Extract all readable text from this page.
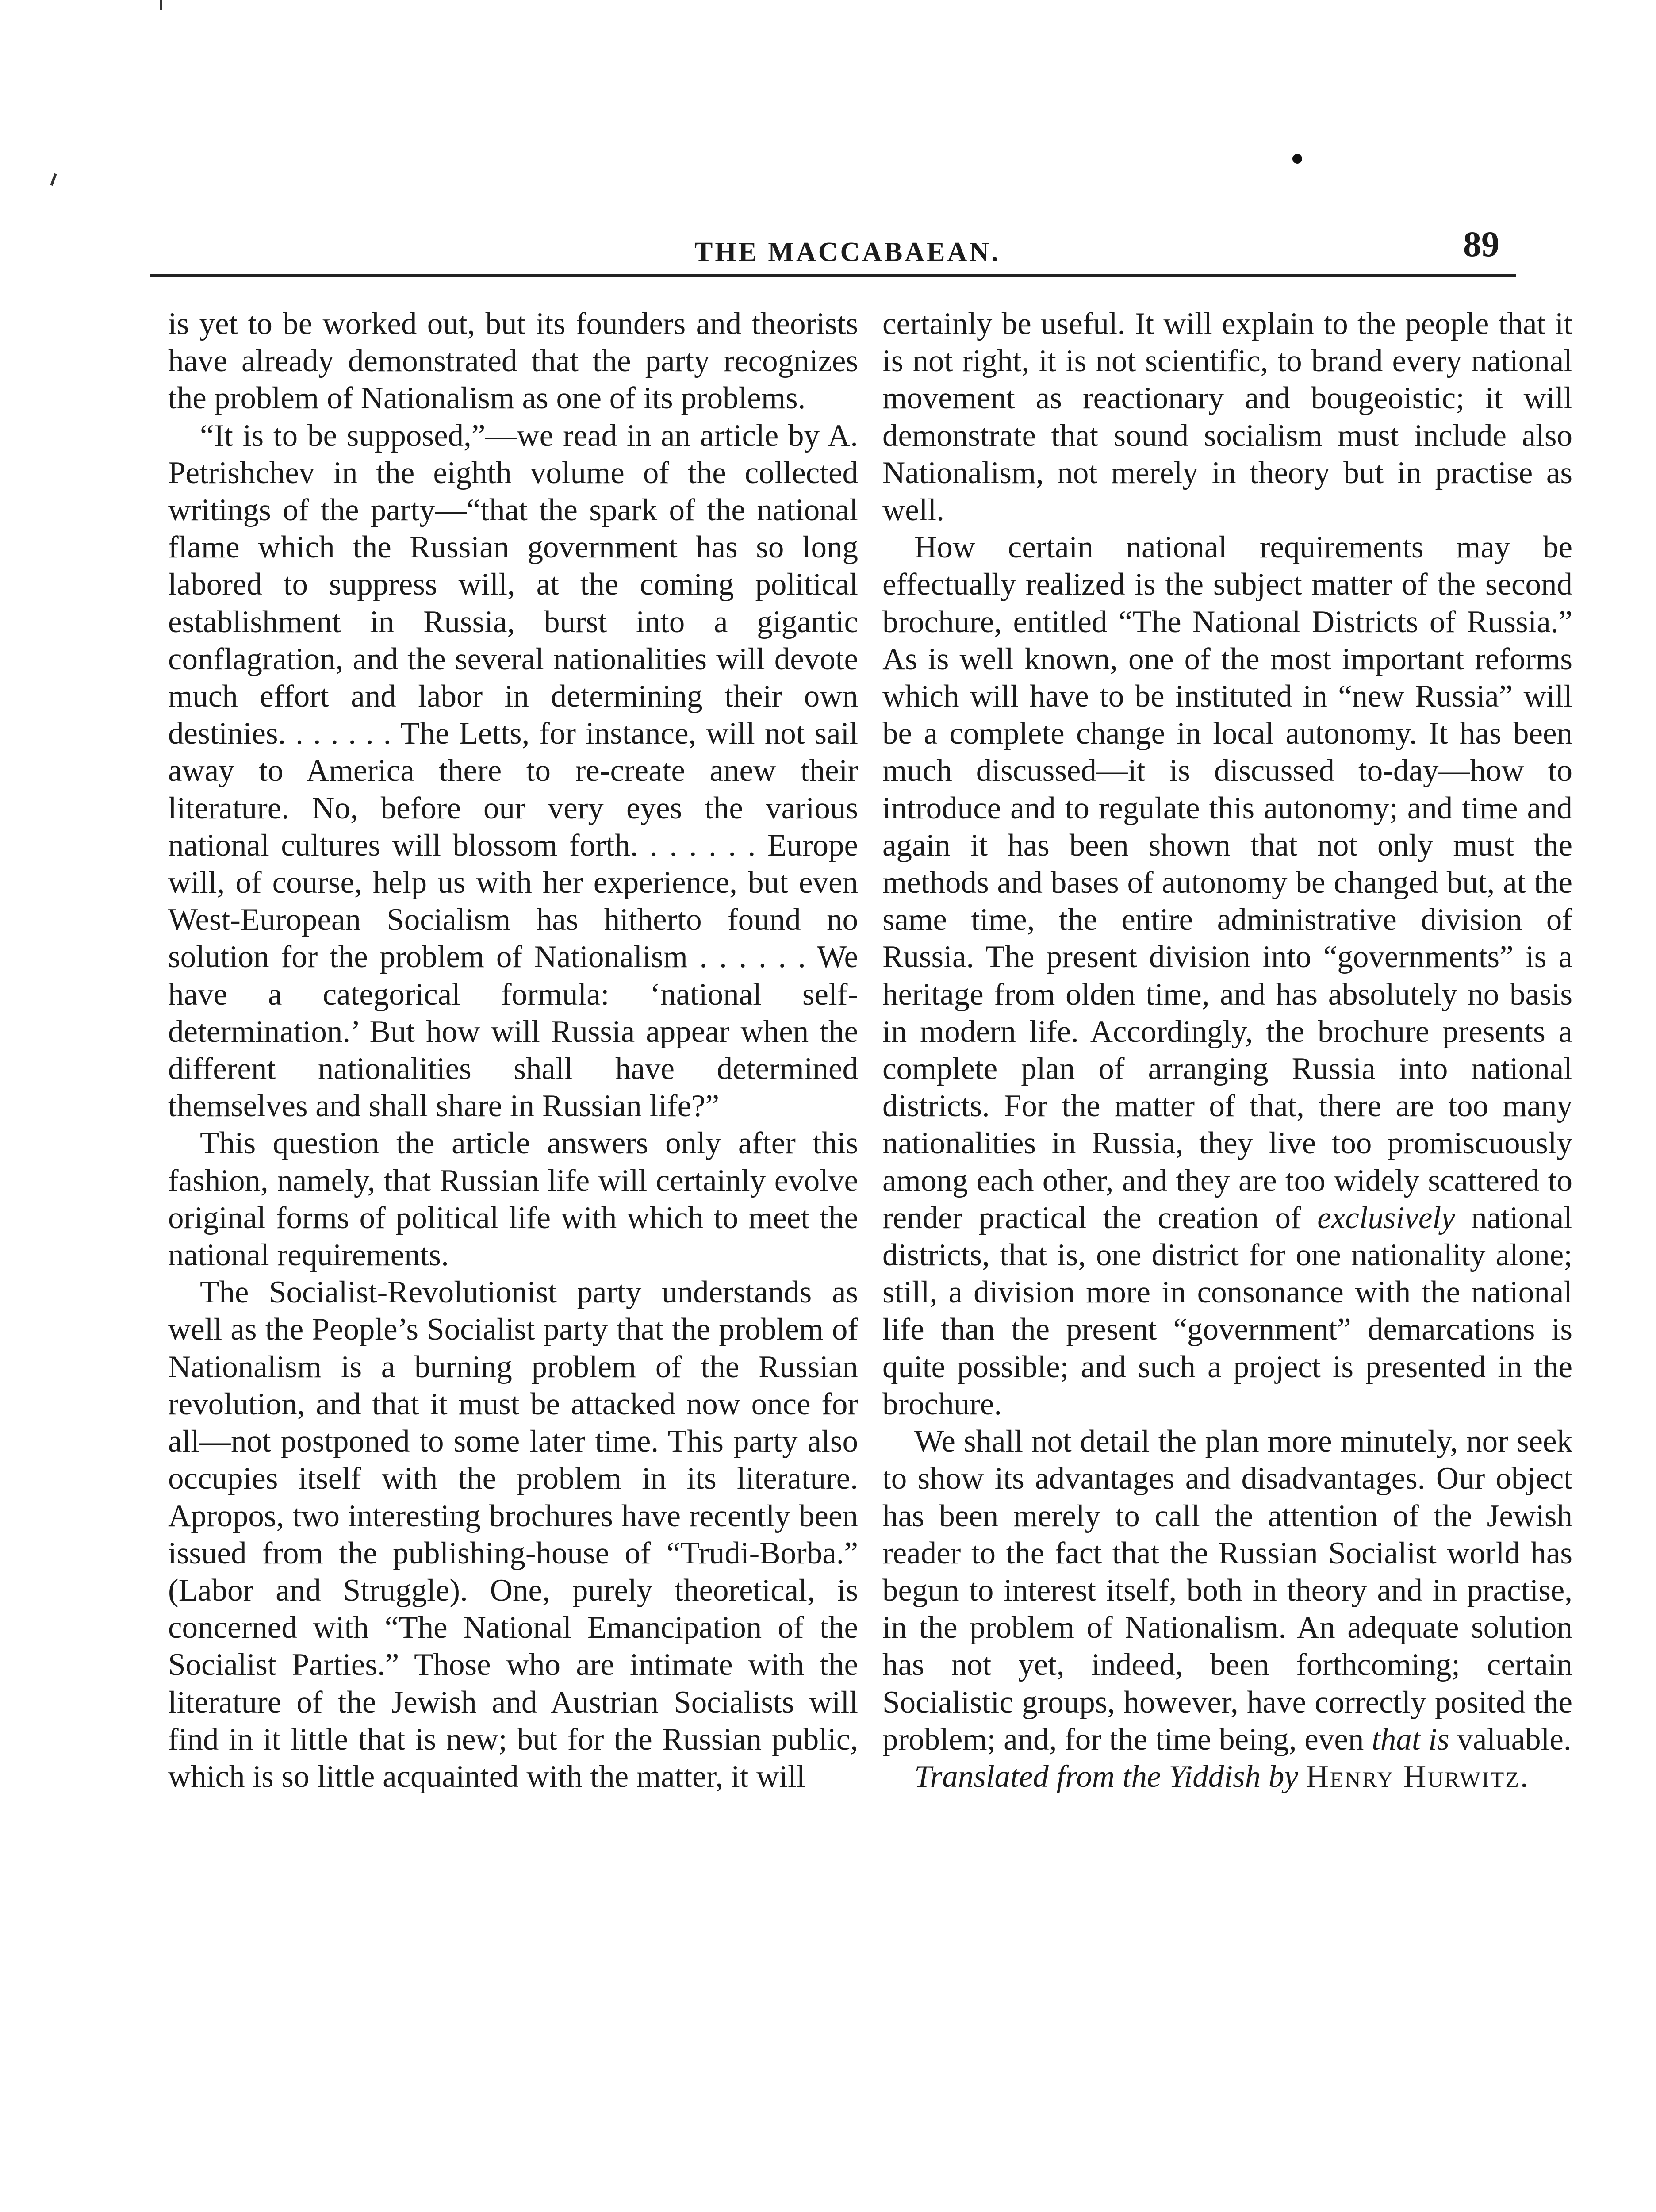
THE MACCABAEAN.	89

is yet to be worked out, but its founders and theorists have already demonstrated that the party recognizes the problem of Nationalism as one of its problems.

“It is to be supposed,”—we read in an article by A. Petrishchev in the eighth volume of the collected writings of the party—“that the spark of the national flame which the Russian government has so long labored to suppress will, at the coming political establishment in Russia, burst into a gigantic conflagration, and the several nationalities will devote much effort and labor in determining their own destinies. . . . . . . The Letts, for instance, will not sail away to America there to re-create anew their literature. No, before our very eyes the various national cultures will blossom forth. . . . . . . Europe will, of course, help us with her experience, but even West-European Socialism has hitherto found no solution for the problem of Nationalism . . . . . . We have a categorical formula: ‘national self-determination.’ But how will Russia appear when the different nationalities shall have determined themselves and shall share in Russian life?”

This question the article answers only after this fashion, namely, that Russian life will certainly evolve original forms of political life with which to meet the national requirements.

The Socialist-Revolutionist party understands as well as the People’s Socialist party that the problem of Nationalism is a burning problem of the Russian revolution, and that it must be attacked now once for all—not postponed to some later time. This party also occupies itself with the problem in its literature. Apropos, two interesting brochures have recently been issued from the publishing-house of “Trudi-Borba.” (Labor and Struggle). One, purely theoretical, is concerned with “The National Emancipation of the Socialist Parties.” Those who are intimate with the literature of the Jewish and Austrian Socialists will find in it little that is new; but for the Russian public, which is so little acquainted with the matter, it will

certainly be useful. It will explain to the people that it is not right, it is not scientific, to brand every national movement as reactionary and bougeoistic; it will demonstrate that sound socialism must include also Nationalism, not merely in theory but in practise as well.

How certain national requirements may be effectually realized is the subject matter of the second brochure, entitled “The National Districts of Russia.” As is well known, one of the most important reforms which will have to be instituted in “new Russia” will be a complete change in local autonomy. It has been much discussed—it is discussed to-day—how to introduce and to regulate this autonomy; and time and again it has been shown that not only must the methods and bases of autonomy be changed but, at the same time, the entire administrative division of Russia. The present division into “governments” is a heritage from olden time, and has absolutely no basis in modern life. Accordingly, the brochure presents a complete plan of arranging Russia into national districts. For the matter of that, there are too many nationalities in Russia, they live too promiscuously among each other, and they are too widely scattered to render practical the creation of exclusively national districts, that is, one district for one nationality alone; still, a division more in consonance with the national life than the present “government” demarcations is quite possible; and such a project is presented in the brochure.

We shall not detail the plan more minutely, nor seek to show its advantages and disadvantages. Our object has been merely to call the attention of the Jewish reader to the fact that the Russian Socialist world has begun to interest itself, both in theory and in practise, in the problem of Nationalism. An adequate solution has not yet, indeed, been forthcoming; certain Socialistic groups, however, have correctly posited the problem; and, for the time being, even that is valuable.

Translated from the Yiddish by Henry Hurwitz.
